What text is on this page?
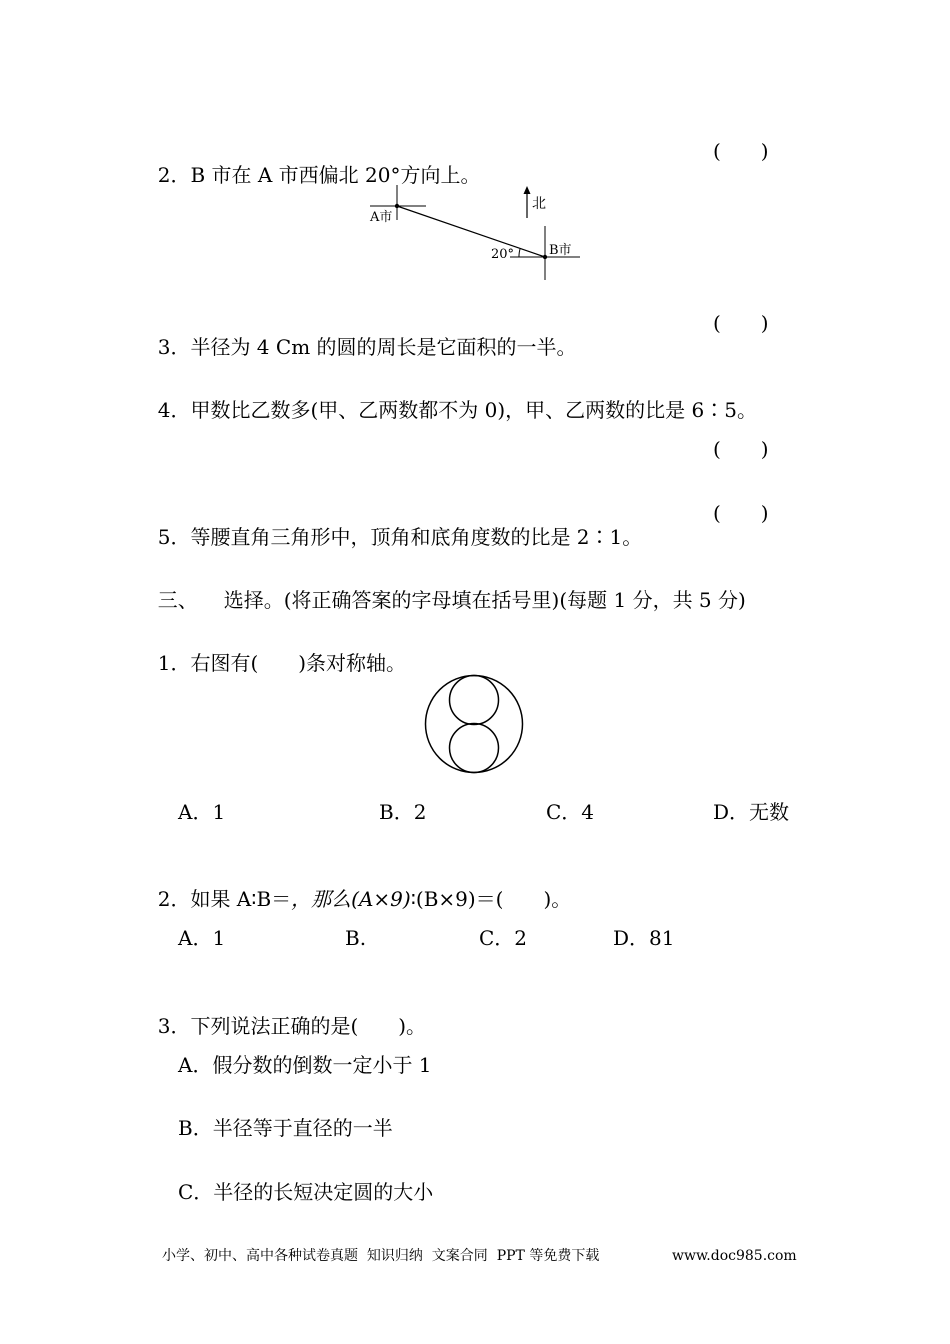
2．B 市在 A 市西偏北 20°方向上。

(　　)
A市
B市
20°
北

3．半径为 4 Cm 的圆的周长是它面积的一半。

(　　)

4．甲数比乙数多(甲、乙两数都不为 0)，甲、乙两数的比是 6∶5。

(　　)

5．等腰直角三角形中，顶角和底角度数的比是 2∶1。

(　　)

三、 选择。(将正确答案的字母填在括号里)(每题 1 分，共 5 分)

1．右图有(　　)条对称轴。

A．1	B．2	C．4	D．无数

2．如果 A∶B＝，那么(A×9)∶(B×9)＝(　　)。

A．1	B.	C．2	D．81

3．下列说法正确的是(　　)。

A．假分数的倒数一定小于 1
B．半径等于直径的一半
C．半径的长短决定圆的大小
小学、初中、高中各种试卷真题  知识归纳  文案合同  PPT 等免费下载	www.doc985.com
